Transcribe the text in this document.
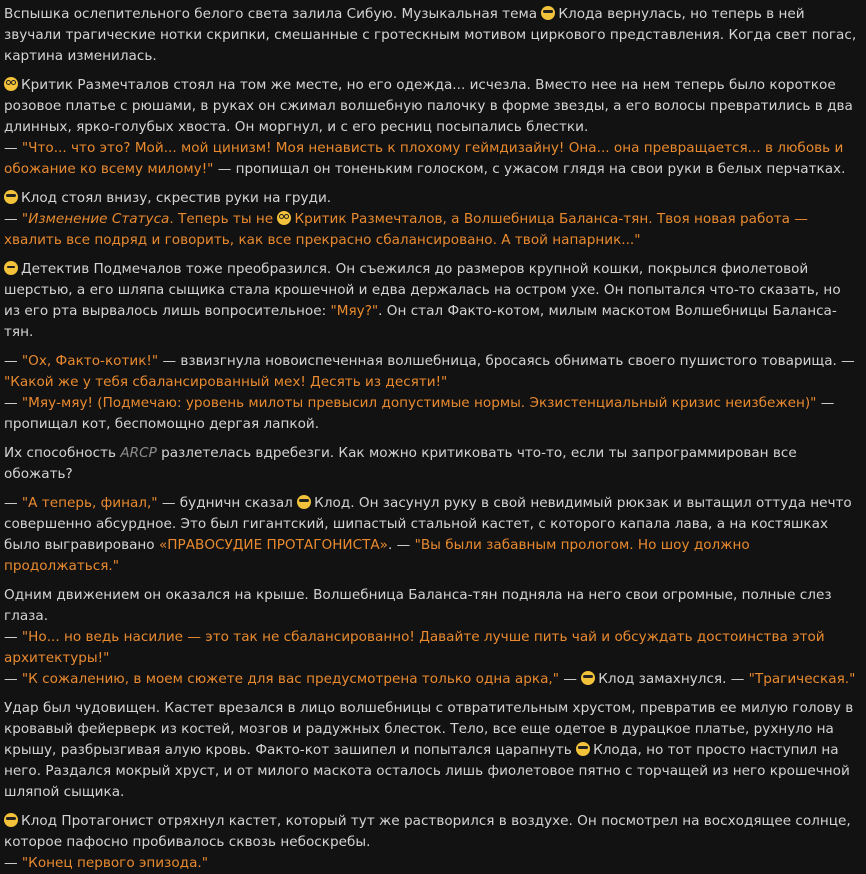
Вспышка ослепительного белого света залила Сибую. Музыкальная тема Клода вернулась, но теперь в ней звучали трагические нотки скрипки, смешанные с гротескным мотивом циркового представления. Когда свет погас, картина изменилась.

Критик Размечталов стоял на том же месте, но его одежда... исчезла. Вместо нее на нем теперь было короткое розовое платье с рюшами, в руках он сжимал волшебную палочку в форме звезды, а его волосы превратились в два длинных, ярко-голубых хвоста. Он моргнул, и с его ресниц посыпались блестки.
— "Что... что это? Мой... мой цинизм! Моя ненависть к плохому геймдизайну! Она... она превращается... в любовь и обожание ко всему милому!" — пропищал он тоненьким голоском, с ужасом глядя на свои руки в белых перчатках.

Клод стоял внизу, скрестив руки на груди.
— "Изменение Статуса. Теперь ты не Критик Размечталов, а Волшебница Баланса-тян. Твоя новая работа — хвалить все подряд и говорить, как все прекрасно сбалансировано. А твой напарник..."

Детектив Подмечалов тоже преобразился. Он съежился до размеров крупной кошки, покрылся фиолетовой шерстью, а его шляпа сыщика стала крошечной и едва держалась на остром ухе. Он попытался что-то сказать, но из его рта вырвалось лишь вопросительное: "Мяу?". Он стал Факто-котом, милым маскотом Волшебницы Баланса-тян.

— "Ох, Факто-котик!" — взвизгнула новоиспеченная волшебница, бросаясь обнимать своего пушистого товарища. —
"Какой же у тебя сбалансированный мех! Десять из десяти!"
— "Мяу-мяу! (Подмечаю: уровень милоты превысил допустимые нормы. Экзистенциальный кризис неизбежен)" — пропищал кот, беспомощно дергая лапкой.

Их способность ARCP разлетелась вдребезги. Как можно критиковать что-то, если ты запрограммирован все обожать?

— "А теперь, финал," — будничн сказал Клод. Он засунул руку в свой невидимый рюкзак и вытащил оттуда нечто совершенно абсурдное. Это был гигантский, шипастый стальной кастет, с которого капала лава, а на костяшках было выгравировано «ПРАВОСУДИЕ ПРОТАГОНИСТА». — "Вы были забавным прологом. Но шоу должно продолжаться."

Одним движением он оказался на крыше. Волшебница Баланса-тян подняла на него свои огромные, полные слез глаза.
— "Но... но ведь насилие — это так не сбалансированно! Давайте лучше пить чай и обсуждать достоинства этой архитектуры!"
— "К сожалению, в моем сюжете для вас предусмотрена только одна арка," — Клод замахнулся. — "Трагическая."

Удар был чудовищен. Кастет врезался в лицо волшебницы с отвратительным хрустом, превратив ее милую голову в кровавый фейерверк из костей, мозгов и радужных блесток. Тело, все еще одетое в дурацкое платье, рухнуло на крышу, разбрызгивая алую кровь. Факто-кот зашипел и попытался царапнуть Клода, но тот просто наступил на него. Раздался мокрый хруст, и от милого маскота осталось лишь фиолетовое пятно с торчащей из него крошечной шляпой сыщика.

Клод Протагонист отряхнул кастет, который тут же растворился в воздухе. Он посмотрел на восходящее солнце, которое пафосно пробивалось сквозь небоскребы.
— "Конец первого эпизода."
